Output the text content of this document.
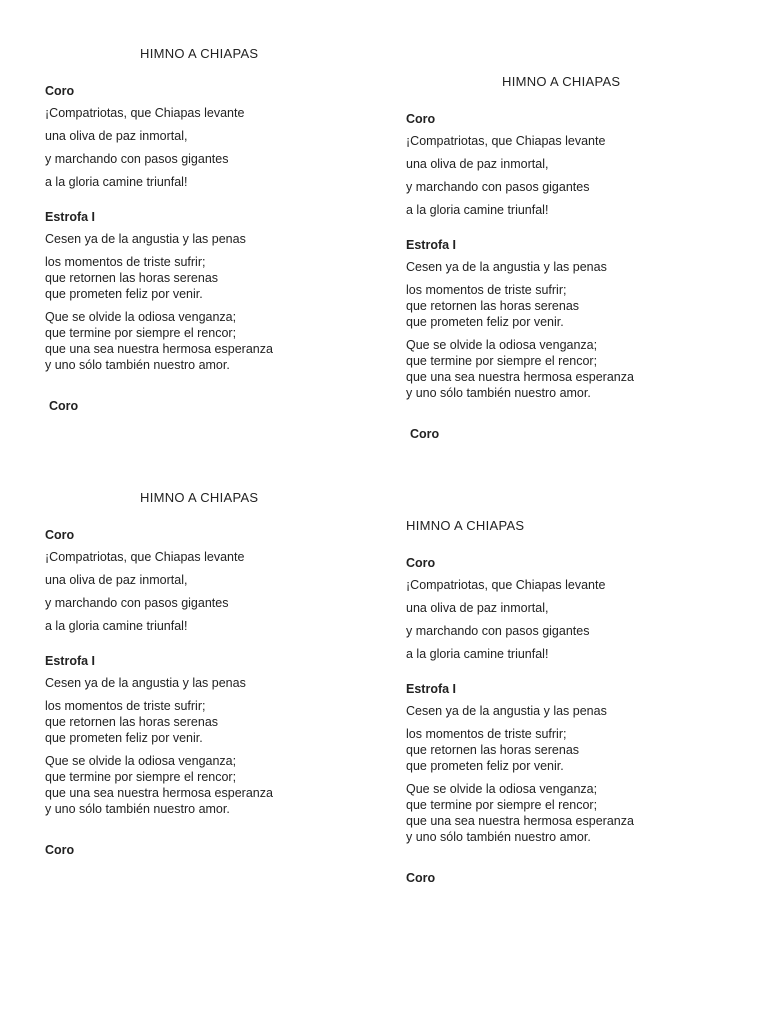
HIMNO A CHIAPAS
Coro
¡Compatriotas, que Chiapas levante
una oliva de paz inmortal,
y marchando con pasos gigantes
a la gloria camine triunfal!
Estrofa I
Cesen ya de la angustia y las penas
los momentos de triste sufrir;
que retornen las horas serenas
que prometen feliz por venir.
Que se olvide la odiosa venganza;
que termine por siempre el rencor;
que una sea nuestra hermosa esperanza
y uno sólo también nuestro amor.
Coro
HIMNO A CHIAPAS
Coro
¡Compatriotas, que Chiapas levante
una oliva de paz inmortal,
y marchando con pasos gigantes
a la gloria camine triunfal!
Estrofa I
Cesen ya de la angustia y las penas
los momentos de triste sufrir;
que retornen las horas serenas
que prometen feliz por venir.
Que se olvide la odiosa venganza;
que termine por siempre el rencor;
que una sea nuestra hermosa esperanza
y uno sólo también nuestro amor.
Coro
HIMNO A CHIAPAS
Coro
¡Compatriotas, que Chiapas levante
una oliva de paz inmortal,
y marchando con pasos gigantes
a la gloria camine triunfal!
Estrofa I
Cesen ya de la angustia y las penas
los momentos de triste sufrir;
que retornen las horas serenas
que prometen feliz por venir.
Que se olvide la odiosa venganza;
que termine por siempre el rencor;
que una sea nuestra hermosa esperanza
y uno sólo también nuestro amor.
Coro
HIMNO A CHIAPAS
Coro
¡Compatriotas, que Chiapas levante
una oliva de paz inmortal,
y marchando con pasos gigantes
a la gloria camine triunfal!
Estrofa I
Cesen ya de la angustia y las penas
los momentos de triste sufrir;
que retornen las horas serenas
que prometen feliz por venir.
Que se olvide la odiosa venganza;
que termine por siempre el rencor;
que una sea nuestra hermosa esperanza
y uno sólo también nuestro amor.
Coro
